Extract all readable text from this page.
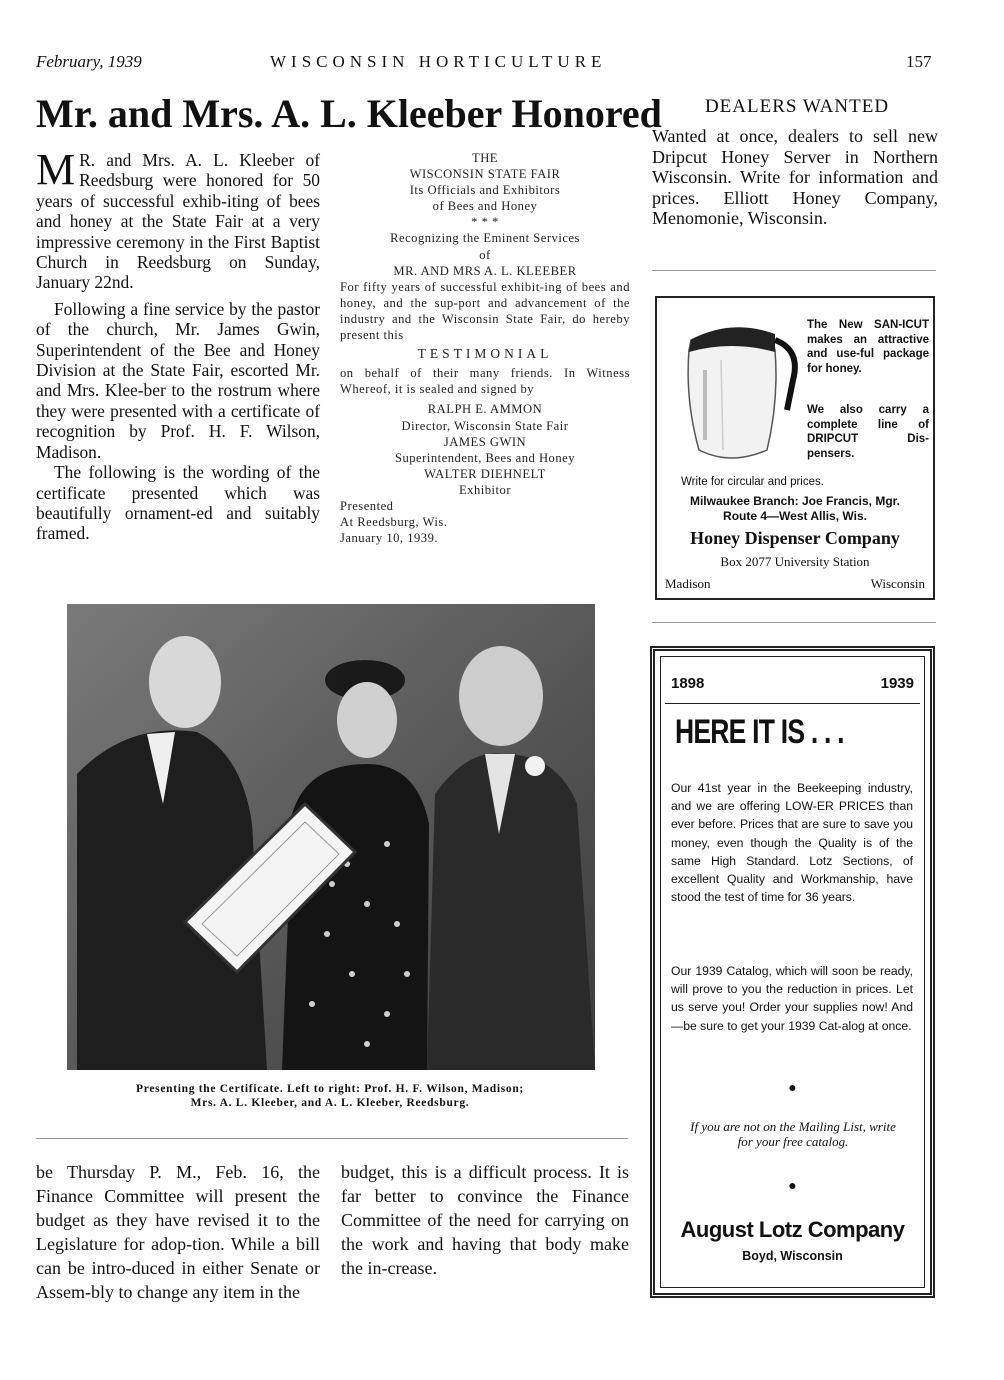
February, 1939	WISCONSIN HORTICULTURE	157
Mr. and Mrs. A. L. Kleeber Honored

M R. and Mrs. A. L. Kleeber of Reedsburg were honored for 50 years of successful exhib-iting of bees and honey at the State Fair at a very impressive ceremony in the First Baptist Church in Reedsburg on Sunday, January 22nd.

Following a fine service by the pastor of the church, Mr. James Gwin, Superintendent of the Bee and Honey Division at the State Fair, escorted Mr. and Mrs. Klee-ber to the rostrum where they were presented with a certificate of recognition by Prof. H. F. Wilson, Madison.

The following is the wording of the certificate presented which was beautifully ornament-ed and suitably framed.

THE
WISCONSIN STATE FAIR
Its Officials and Exhibitors
of Bees and Honey
* * *
Recognizing the Eminent Services
of
MR. AND MRS A. L. KLEEBER
For fifty years of successful exhibit-ing of bees and honey, and the sup-port and advancement of the industry and the Wisconsin State Fair, do hereby present this
TESTIMONIAL
on behalf of their many friends. In Witness Whereof, it is sealed and signed by
RALPH E. AMMON
Director, Wisconsin State Fair
JAMES GWIN
Superintendent, Bees and Honey
WALTER DIEHNELT
Exhibitor
Presented
At Reedsburg, Wis.
January 10, 1939.
Presenting the Certificate. Left to right: Prof. H. F. Wilson, Madison;
Mrs. A. L. Kleeber, and A. L. Kleeber, Reedsburg.
be Thursday P. M., Feb. 16, the Finance Committee will present the budget as they have revised it to the Legislature for adop-tion. While a bill can be intro-duced in either Senate or Assem-bly to change any item in the
budget, this is a difficult process. It is far better to convince the Finance Committee of the need for carrying on the work and having that body make the in-crease.
DEALERS WANTED
Wanted at once, dealers to sell new Dripcut Honey Server in Northern Wisconsin. Write for information and prices. Elliott Honey Company, Menomonie, Wisconsin.
The New SAN-ICUT makes an attractive and use-ful package for honey.
We also carry a complete line of DRIPCUT Dis-pensers.
Write for circular and prices.
Milwaukee Branch: Joe Francis, Mgr.
Route 4—West Allis, Wis.
Honey Dispenser Company
Box 2077 University Station
Madison	Wisconsin
1898	1939
HERE IT IS . . .
Our 41st year in the Beekeeping industry, and we are offering LOW-ER PRICES than ever before. Prices that are sure to save you money, even though the Quality is of the same High Standard. Lotz Sections, of excellent Quality and Workmanship, have stood the test of time for 36 years.
Our 1939 Catalog, which will soon be ready, will prove to you the reduction in prices. Let us serve you! Order your supplies now! And—be sure to get your 1939 Cat-alog at once.
●
If you are not on the Mailing List, write for your free catalog.
●
August Lotz Company
Boyd, Wisconsin
